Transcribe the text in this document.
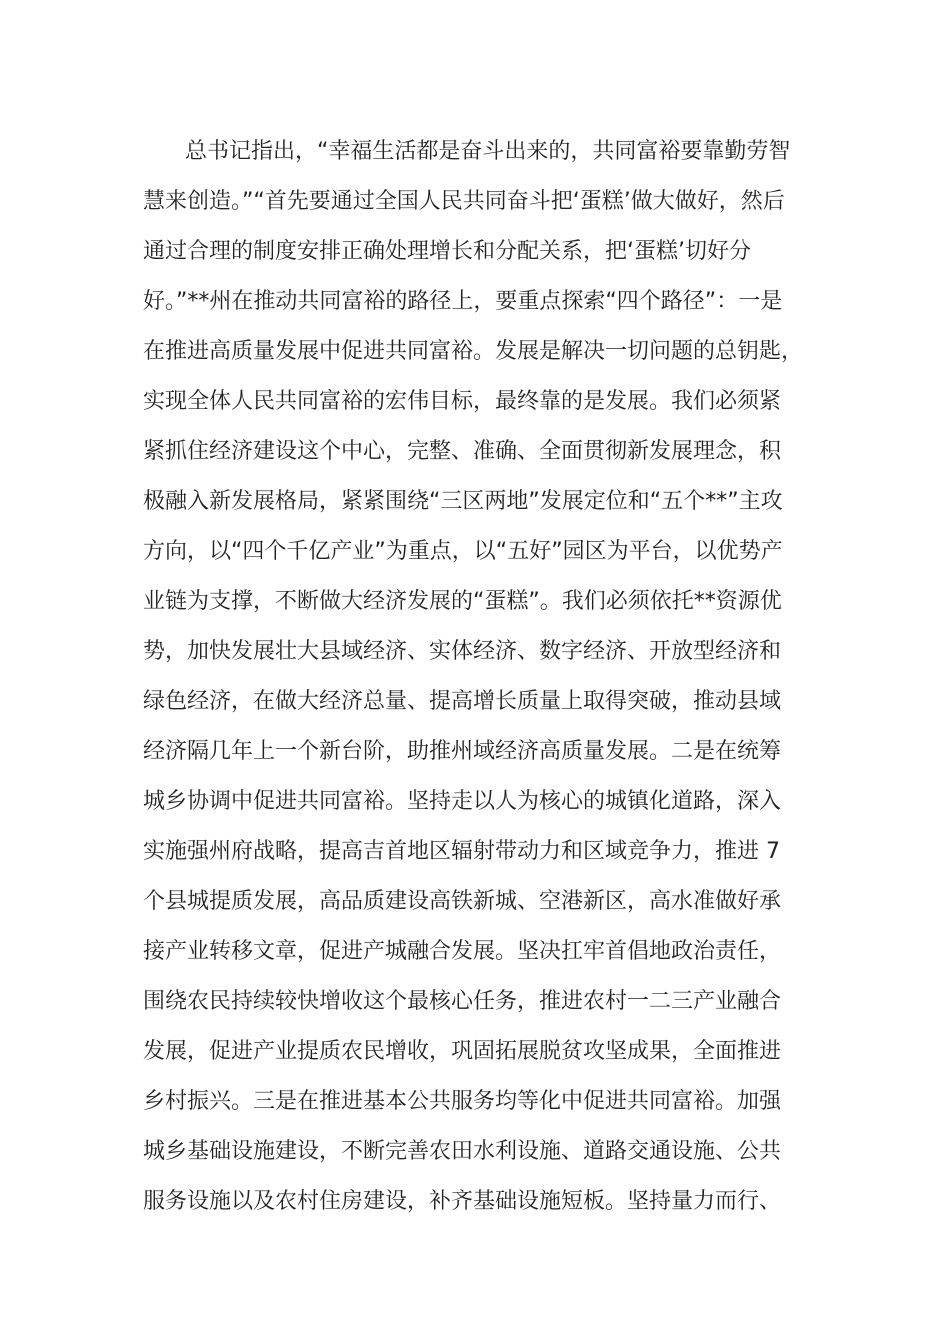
总书记指出，“幸福生活都是奋斗出来的，共同富裕要靠勤劳智
慧来创造。”“首先要通过全国人民共同奋斗把‘蛋糕’做大做好，然后
通过合理的制度安排正确处理增长和分配关系，把‘蛋糕’切好分
好。”**州在推动共同富裕的路径上，要重点探索“四个路径”：一是
在推进高质量发展中促进共同富裕。发展是解决一切问题的总钥匙，
实现全体人民共同富裕的宏伟目标，最终靠的是发展。我们必须紧
紧抓住经济建设这个中心，完整、准确、全面贯彻新发展理念，积
极融入新发展格局，紧紧围绕“三区两地”发展定位和“五个**”主攻
方向，以“四个千亿产业”为重点，以“五好”园区为平台，以优势产
业链为支撑，不断做大经济发展的“蛋糕”。我们必须依托**资源优
势，加快发展壮大县域经济、实体经济、数字经济、开放型经济和
绿色经济，在做大经济总量、提高增长质量上取得突破，推动县域
经济隔几年上一个新台阶，助推州域经济高质量发展。二是在统筹
城乡协调中促进共同富裕。坚持走以人为核心的城镇化道路，深入
实施强州府战略，提高吉首地区辐射带动力和区域竞争力，推进 7
个县城提质发展，高品质建设高铁新城、空港新区，高水准做好承
接产业转移文章，促进产城融合发展。坚决扛牢首倡地政治责任，
围绕农民持续较快增收这个最核心任务，推进农村一二三产业融合
发展，促进产业提质农民增收，巩固拓展脱贫攻坚成果，全面推进
乡村振兴。三是在推进基本公共服务均等化中促进共同富裕。加强
城乡基础设施建设，不断完善农田水利设施、道路交通设施、公共
服务设施以及农村住房建设，补齐基础设施短板。坚持量力而行、
